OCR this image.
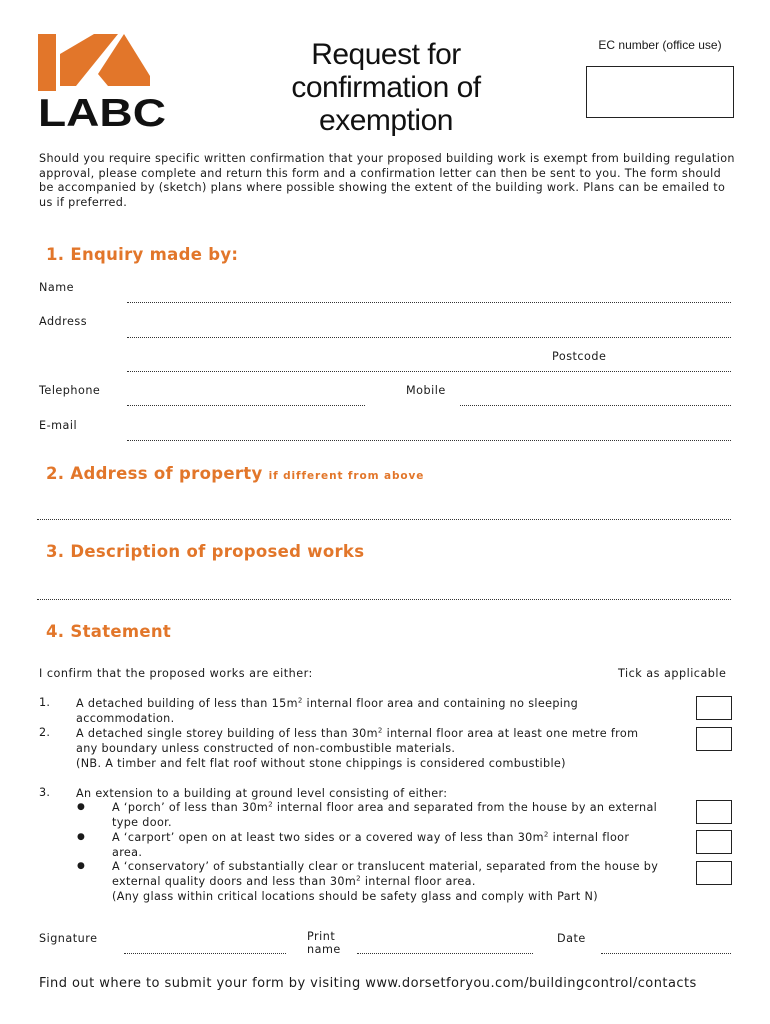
LABC
Request for
confirmation of
exemption
EC number (office use)
Should you require specific written confirmation that your proposed building work is exempt from building regulation approval, please complete and return this form and a confirmation letter can then be sent to you. The form should be accompanied by (sketch) plans where possible showing the extent of the building work. Plans can be emailed to us if preferred.
1. Enquiry made by:
Name
Address
Postcode
Telephone	Mobile
E-mail
2. Address of property if different from above
3. Description of proposed works
4. Statement
I confirm that the proposed works are either:	Tick as applicable
1. A detached building of less than $15m^2$ internal floor area and containing no sleeping accommodation.
2. A detached single storey building of less than $30m^2$ internal floor area at least one metre from any boundary unless constructed of non-combustible materials.
(NB. A timber and felt flat roof without stone chippings is considered combustible)
3. An extension to a building at ground level consisting of either:
● A ‘porch’ of less than $30m^2$ internal floor area and separated from the house by an external type door.
● A ‘carport’ open on at least two sides or a covered way of less than $30m^2$ internal floor area.
● A ‘conservatory’ of substantially clear or translucent material, separated from the house by external quality doors and less than $30m^2$ internal floor area.
(Any glass within critical locations should be safety glass and comply with Part N)
Signature	Print
name
Date
Find out where to submit your form by visiting www.dorsetforyou.com/buildingcontrol/contacts
